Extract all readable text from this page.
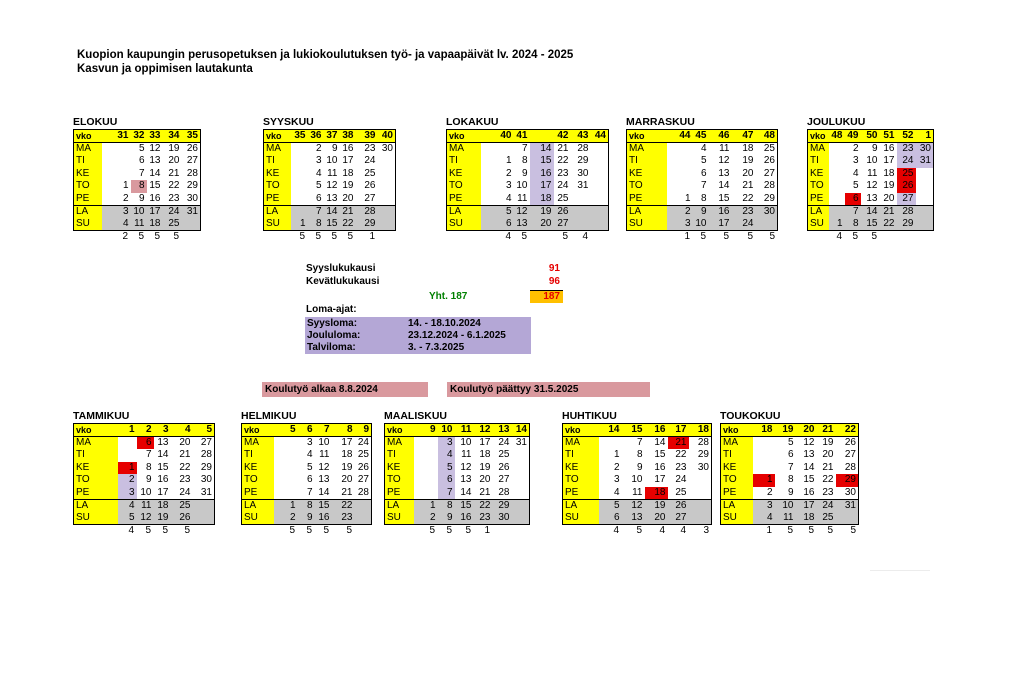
Kuopion kaupungin perusopetuksen ja lukiokoulutuksen työ- ja vapaapäivät lv. 2024 - 2025
Kasvun ja oppimisen lautakunta
ELOKUU
vko	31	32	33	34	35
MA		5	12	19	26
TI		6	13	20	27
KE		7	14	21	28
TO	1	8	15	22	29
PE	2	9	16	23	30
LA	3	10	17	24	31
SU	4	11	18	25	
	2	5	5	5	
SYYSKUU
vko	35	36	37	38	39	40
MA		2	9	16	23	30
TI		3	10	17	24	
KE		4	11	18	25	
TO		5	12	19	26	
PE		6	13	20	27	
LA		7	14	21	28	
SU	1	8	15	22	29	
	5	5	5	5	1	
LOKAKUU
vko	40	41		42	43	44
MA		7	14	21	28	
TI	1	8	15	22	29	
KE	2	9	16	23	30	
TO	3	10	17	24	31	
PE	4	11	18	25		
LA	5	12	19	26		
SU	6	13	20	27		
	4	5		5	4	
MARRASKUU
vko	44	45	46	47	48
MA		4	11	18	25
TI		5	12	19	26
KE		6	13	20	27
TO		7	14	21	28
PE	1	8	15	22	29
LA	2	9	16	23	30
SU	3	10	17	24	
	1	5	5	5	5
JOULUKUU
vko	48	49	50	51	52	1
MA		2	9	16	23	30
TI		3	10	17	24	31
KE		4	11	18	25	
TO		5	12	19	26	
PE		6	13	20	27	
LA		7	14	21	28	
SU	1	8	15	22	29	
	4	5	5			
TAMMIKUU
vko	1	2	3	4	5
MA		6	13	20	27
TI		7	14	21	28
KE	1	8	15	22	29
TO	2	9	16	23	30
PE	3	10	17	24	31
LA	4	11	18	25	
SU	5	12	19	26	
	4	5	5	5	
HELMIKUU
vko	5	6	7	8	9
MA		3	10	17	24
TI		4	11	18	25
KE		5	12	19	26
TO		6	13	20	27
PE		7	14	21	28
LA	1	8	15	22	
SU	2	9	16	23	
	5	5	5	5	
MAALISKUU
vko	9	10	11	12	13	14
MA		3	10	17	24	31
TI		4	11	18	25	
KE		5	12	19	26	
TO		6	13	20	27	
PE		7	14	21	28	
LA	1	8	15	22	29	
SU	2	9	16	23	30	
	5	5	5	1		
HUHTIKUU
vko	14	15	16	17	18
MA		7	14	21	28
TI	1	8	15	22	29
KE	2	9	16	23	30
TO	3	10	17	24	
PE	4	11	18	25	
LA	5	12	19	26	
SU	6	13	20	27	
	4	5	4	4	3
TOUKOKUU
vko	18	19	20	21	22
MA		5	12	19	26
TI		6	13	20	27
KE		7	14	21	28
TO	1	8	15	22	29
PE	2	9	16	23	30
LA	3	10	17	24	31
SU	4	11	18	25	
	1	5	5	5	5
Syyslukukausi	91
Kevätlukukausi	96
Yht. 187	187
Loma-ajat:
Syysloma:	14. - 18.10.2024
Joululoma:	23.12.2024 - 6.1.2025
Talviloma:	3. - 7.3.2025
Koulutyö alkaa 8.8.2024	Koulutyö päättyy 31.5.2025
